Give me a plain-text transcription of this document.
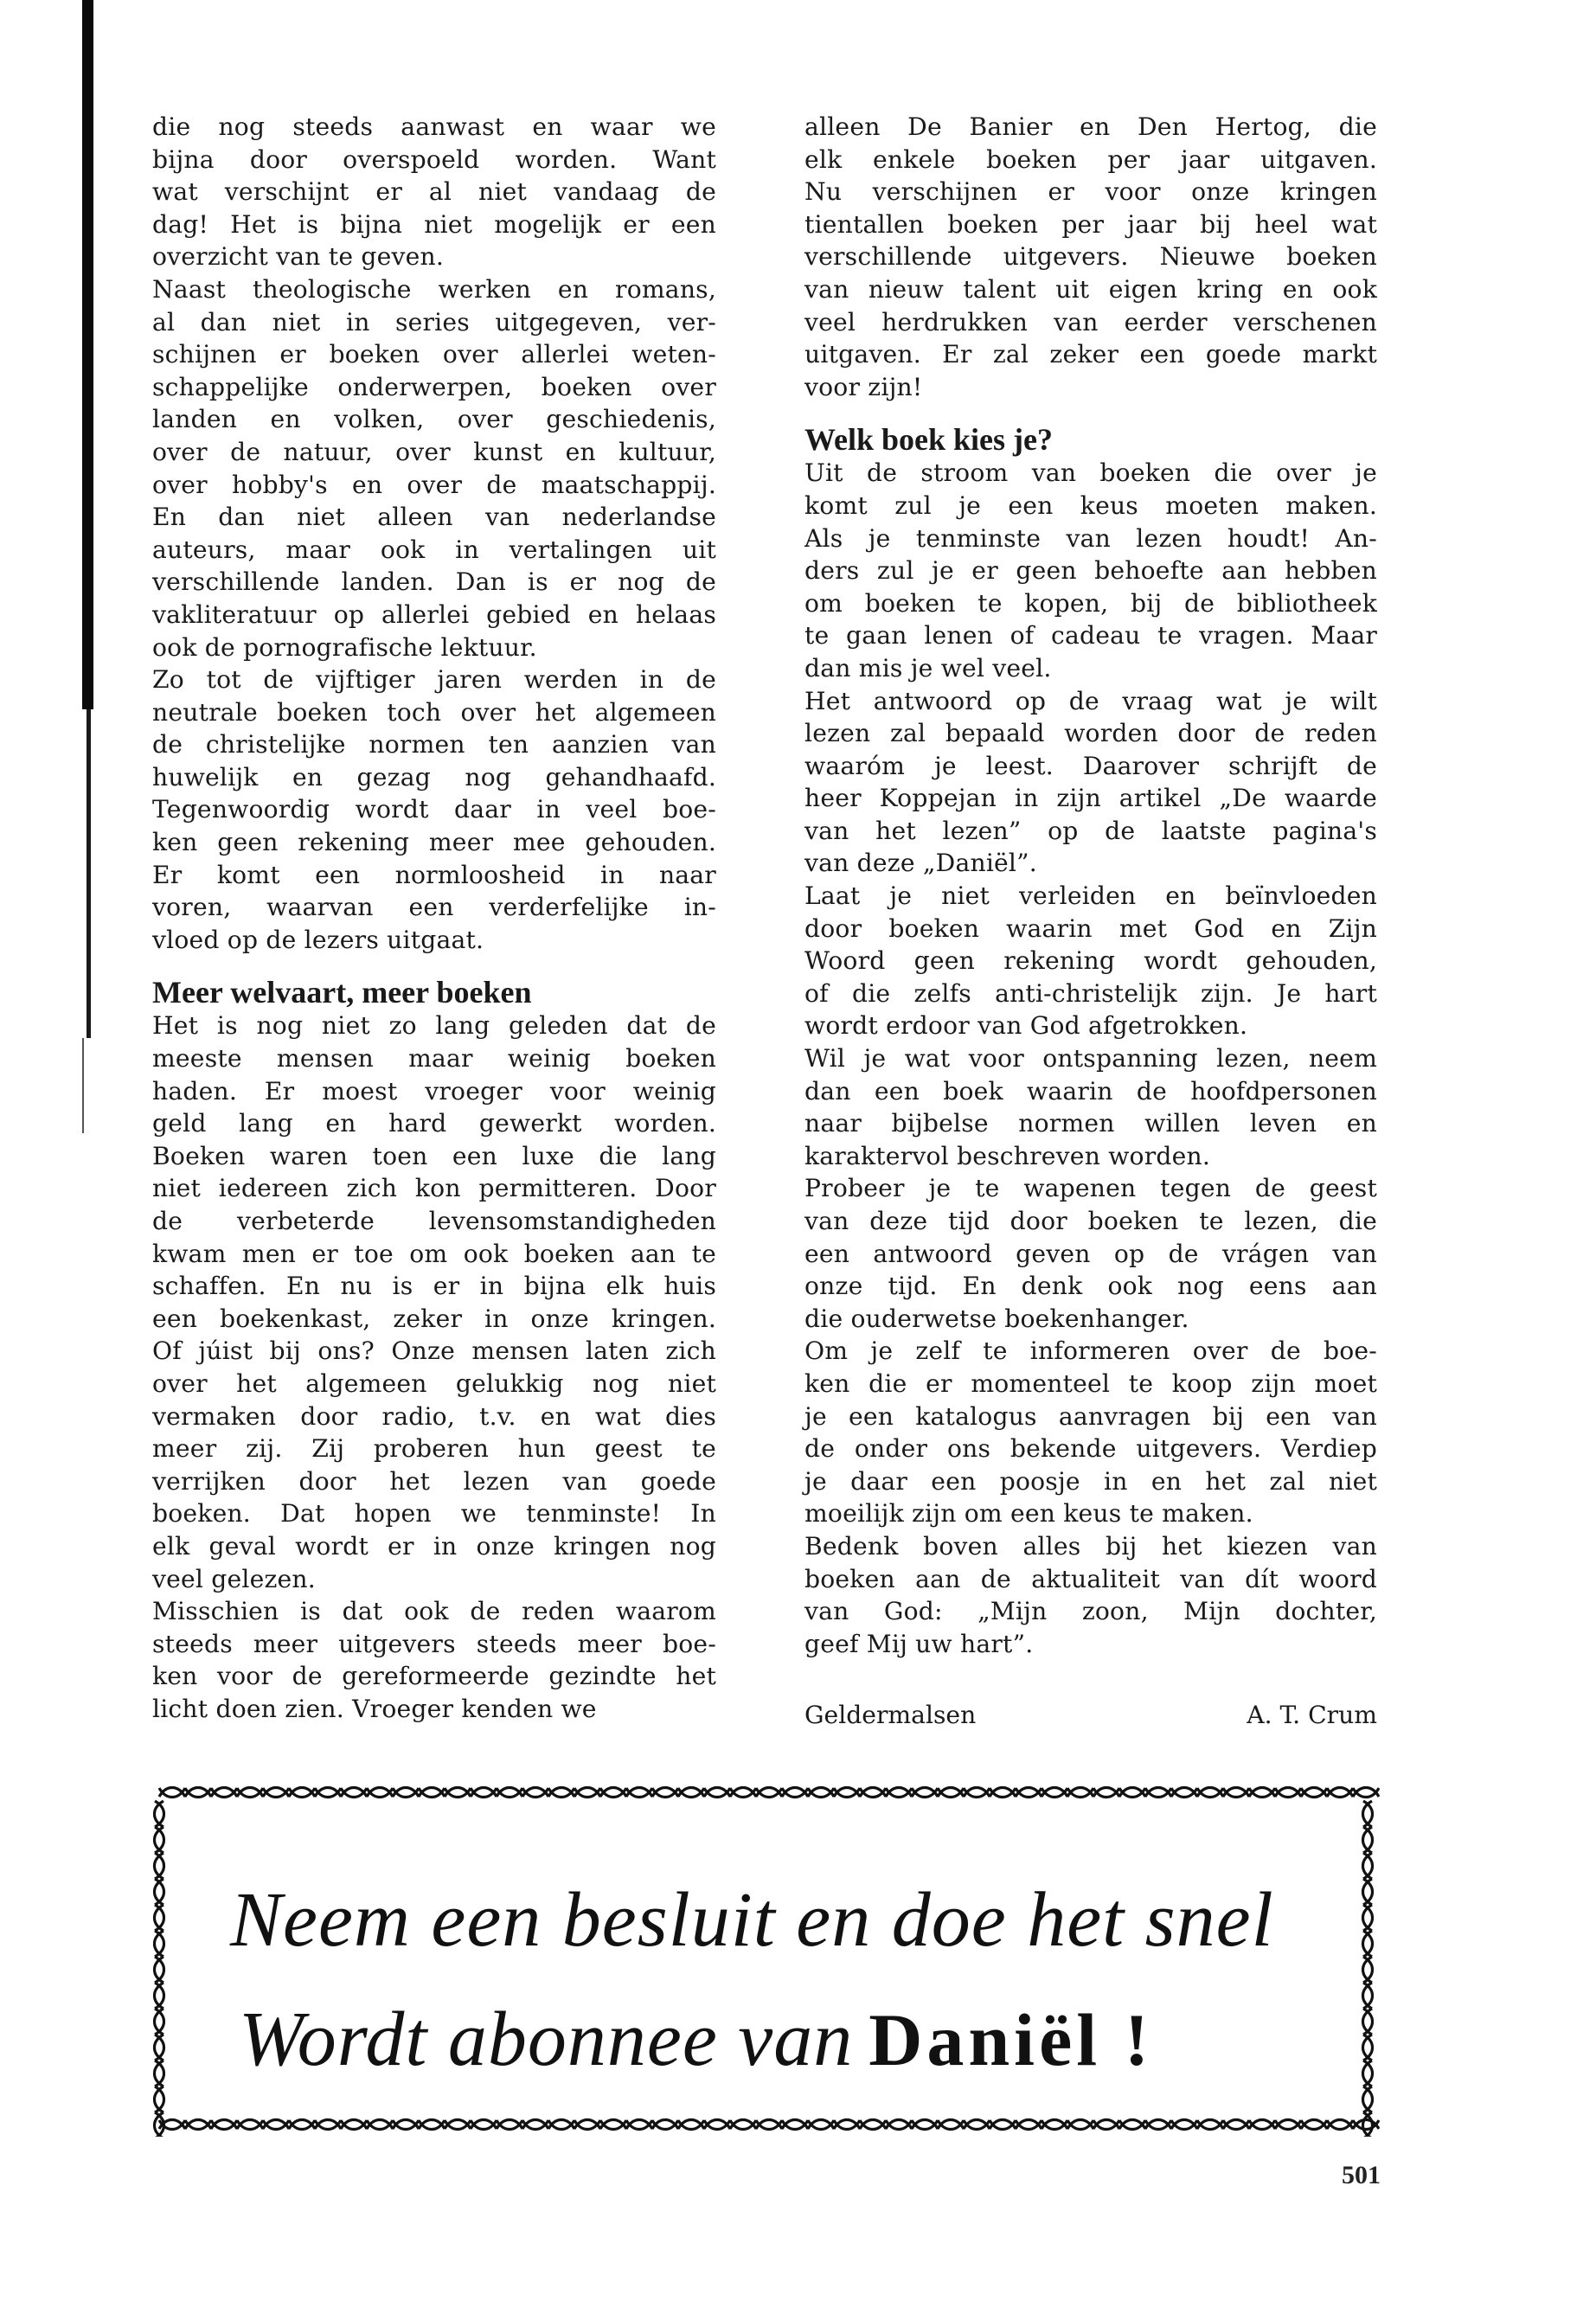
die nog steeds aanwast en waar we
bijna door overspoeld worden. Want
wat verschijnt er al niet vandaag de
dag! Het is bijna niet mogelijk er een
overzicht van te geven.
Naast theologische werken en romans,
al dan niet in series uitgegeven, ver-
schijnen er boeken over allerlei weten-
schappelijke onderwerpen, boeken over
landen en volken, over geschiedenis,
over de natuur, over kunst en kultuur,
over hobby's en over de maatschappij.
En dan niet alleen van nederlandse
auteurs, maar ook in vertalingen uit
verschillende landen. Dan is er nog de
vakliteratuur op allerlei gebied en helaas
ook de pornografische lektuur.
Zo tot de vijftiger jaren werden in de
neutrale boeken toch over het algemeen
de christelijke normen ten aanzien van
huwelijk en gezag nog gehandhaafd.
Tegenwoordig wordt daar in veel boe-
ken geen rekening meer mee gehouden.
Er komt een normloosheid in naar
voren, waarvan een verderfelijke in-
vloed op de lezers uitgaat.
Meer welvaart, meer boeken
Het is nog niet zo lang geleden dat de
meeste mensen maar weinig boeken
haden. Er moest vroeger voor weinig
geld lang en hard gewerkt worden.
Boeken waren toen een luxe die lang
niet iedereen zich kon permitteren. Door
de verbeterde levensomstandigheden
kwam men er toe om ook boeken aan te
schaffen. En nu is er in bijna elk huis
een boekenkast, zeker in onze kringen.
Of júist bij ons? Onze mensen laten zich
over het algemeen gelukkig nog niet
vermaken door radio, t.v. en wat dies
meer zij. Zij proberen hun geest te
verrijken door het lezen van goede
boeken. Dat hopen we tenminste! In
elk geval wordt er in onze kringen nog
veel gelezen.
Misschien is dat ook de reden waarom
steeds meer uitgevers steeds meer boe-
ken voor de gereformeerde gezindte het
licht doen zien. Vroeger kenden we
alleen De Banier en Den Hertog, die
elk enkele boeken per jaar uitgaven.
Nu verschijnen er voor onze kringen
tientallen boeken per jaar bij heel wat
verschillende uitgevers. Nieuwe boeken
van nieuw talent uit eigen kring en ook
veel herdrukken van eerder verschenen
uitgaven. Er zal zeker een goede markt
voor zijn!
Welk boek kies je?
Uit de stroom van boeken die over je
komt zul je een keus moeten maken.
Als je tenminste van lezen houdt! An-
ders zul je er geen behoefte aan hebben
om boeken te kopen, bij de bibliotheek
te gaan lenen of cadeau te vragen. Maar
dan mis je wel veel.
Het antwoord op de vraag wat je wilt
lezen zal bepaald worden door de reden
waaróm je leest. Daarover schrijft de
heer Koppejan in zijn artikel „De waarde
van het lezen” op de laatste pagina's
van deze „Daniël”.
Laat je niet verleiden en beïnvloeden
door boeken waarin met God en Zijn
Woord geen rekening wordt gehouden,
of die zelfs anti-christelijk zijn. Je hart
wordt erdoor van God afgetrokken.
Wil je wat voor ontspanning lezen, neem
dan een boek waarin de hoofdpersonen
naar bijbelse normen willen leven en
karaktervol beschreven worden.
Probeer je te wapenen tegen de geest
van deze tijd door boeken te lezen, die
een antwoord geven op de vrágen van
onze tijd. En denk ook nog eens aan
die ouderwetse boekenhanger.
Om je zelf te informeren over de boe-
ken die er momenteel te koop zijn moet
je een katalogus aanvragen bij een van
de onder ons bekende uitgevers. Verdiep
je daar een poosje in en het zal niet
moeilijk zijn om een keus te maken.
Bedenk boven alles bij het kiezen van
boeken aan de aktualiteit van dít woord
van God: „Mijn zoon, Mijn dochter,
geef Mij uw hart”.
Geldermalsen	A. T. Crum
Neem een besluit en doe het snel
Wordt abonnee van Daniël !
501
